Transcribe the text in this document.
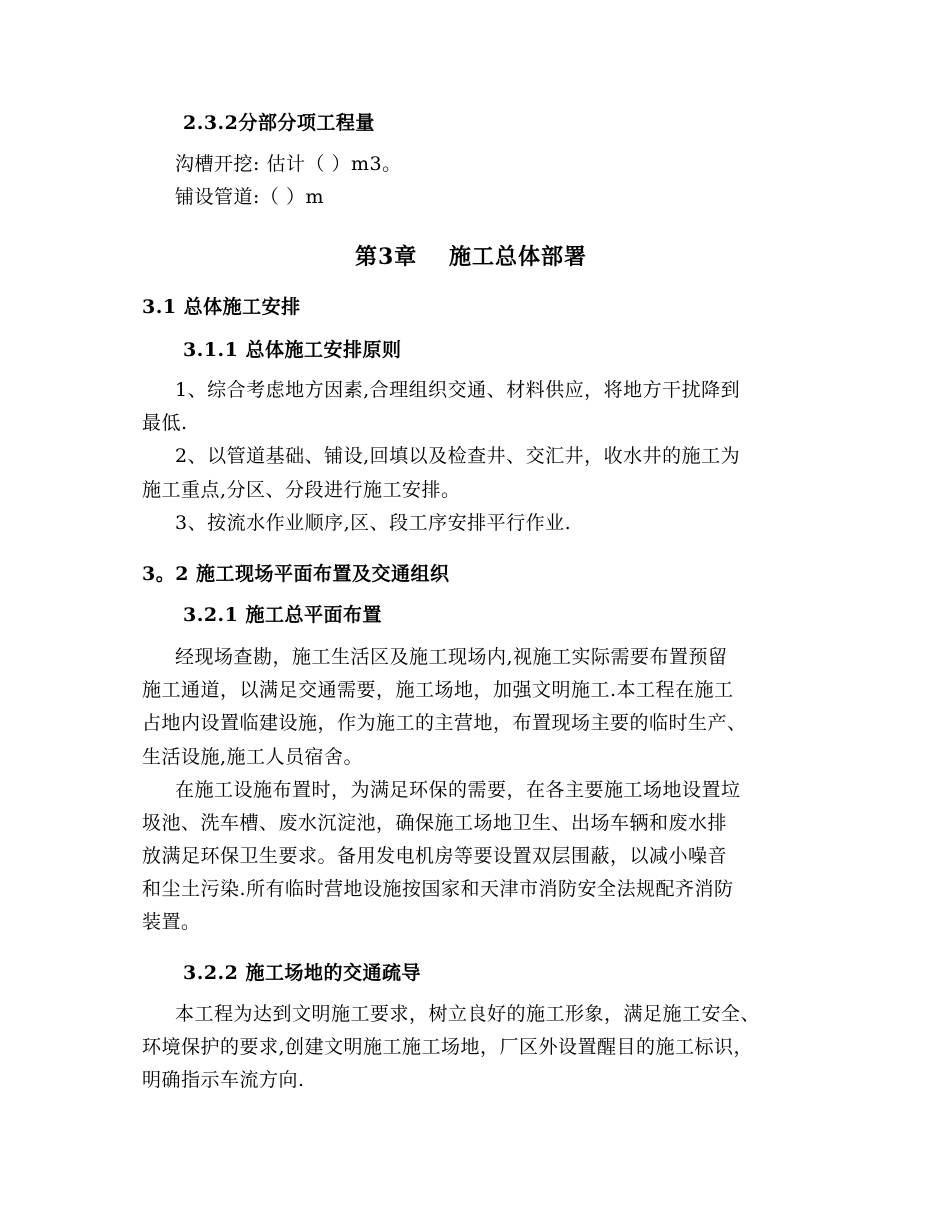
2.3.2分部分项工程量
沟槽开挖: 估计（ ）m3。
铺设管道:（ ）m
第3章　 施工总体部署
3.1 总体施工安排
3.1.1 总体施工安排原则
1、综合考虑地方因素,合理组织交通、材料供应，将地方干扰降到
最低.
2、以管道基础、铺设,回填以及检查井、交汇井，收水井的施工为
施工重点,分区、分段进行施工安排。
3、按流水作业顺序,区、段工序安排平行作业.
3。2 施工现场平面布置及交通组织
3.2.1 施工总平面布置
经现场查勘，施工生活区及施工现场内,视施工实际需要布置预留
施工通道，以满足交通需要，施工场地，加强文明施工.本工程在施工
占地内设置临建设施，作为施工的主营地，布置现场主要的临时生产、
生活设施,施工人员宿舍。
在施工设施布置时，为满足环保的需要，在各主要施工场地设置垃
圾池、洗车槽、废水沉淀池，确保施工场地卫生、出场车辆和废水排
放满足环保卫生要求。备用发电机房等要设置双层围蔽，以减小噪音
和尘土污染.所有临时营地设施按国家和天津市消防安全法规配齐消防
装置。
3.2.2 施工场地的交通疏导
本工程为达到文明施工要求，树立良好的施工形象，满足施工安全、
环境保护的要求,创建文明施工施工场地，厂区外设置醒目的施工标识，
明确指示车流方向.
